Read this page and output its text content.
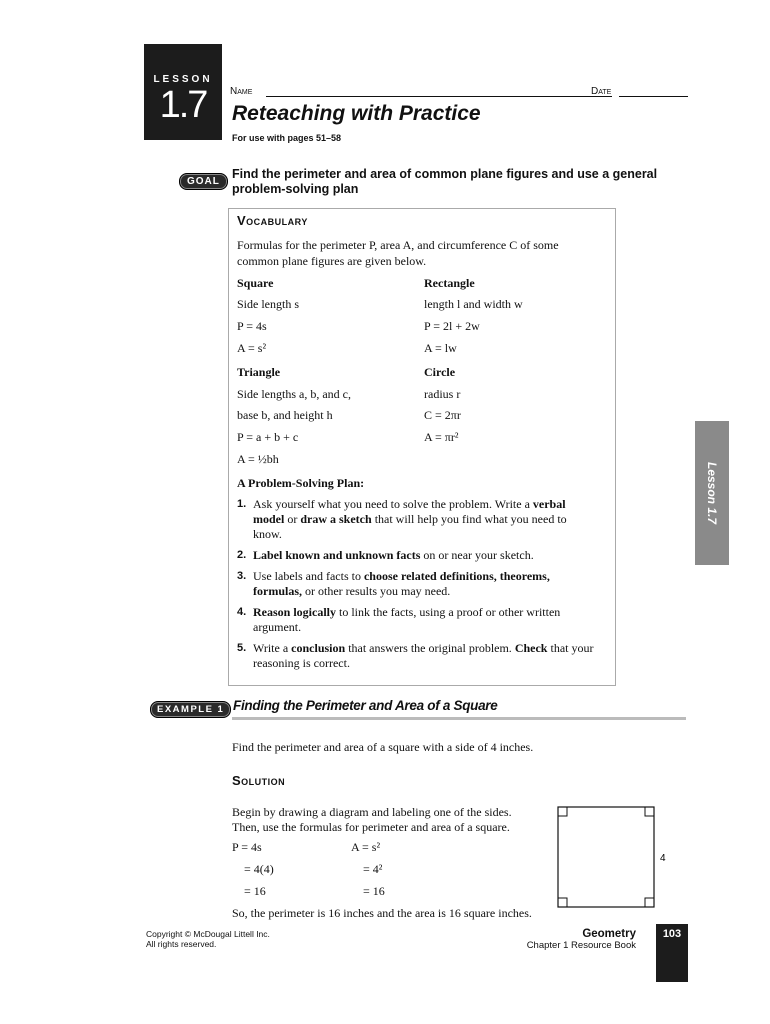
LESSON
1.7	Name	Date
Reteaching with Practice
For use with pages 51–58
GOAL
Find the perimeter and area of common plane figures and use a general problem-solving plan
Vocabulary
Formulas for the perimeter P, area A, and circumference C of some
common plane figures are given below.
Square
Side length s
P = 4s
A = s²
Rectangle
length l and width w
P = 2l + 2w
A = lw
Triangle
Side lengths a, b, and c,
base b, and height h
P = a + b + c
A = ½bh
Circle
radius r
C = 2πr
A = πr²
A Problem-Solving Plan:
1. Ask yourself what you need to solve the problem. Write a verbal model or draw a sketch that will help you find what you need to know.
2. Label known and unknown facts on or near your sketch.
3. Use labels and facts to choose related definitions, theorems, formulas, or other results you may need.
4. Reason logically to link the facts, using a proof or other written argument.
5. Write a conclusion that answers the original problem. Check that your reasoning is correct.
Lesson 1.7
EXAMPLE 1 Finding the Perimeter and Area of a Square
Find the perimeter and area of a square with a side of 4 inches.
Solution
Begin by drawing a diagram and labeling one of the sides.
Then, use the formulas for perimeter and area of a square.
P = 4s
= 4(4)
= 16
A = s²
= 4²
= 16
So, the perimeter is 16 inches and the area is 16 square inches.
4
Copyright © McDougal Littell Inc.
All rights reserved.
Geometry
Chapter 1 Resource Book
103
